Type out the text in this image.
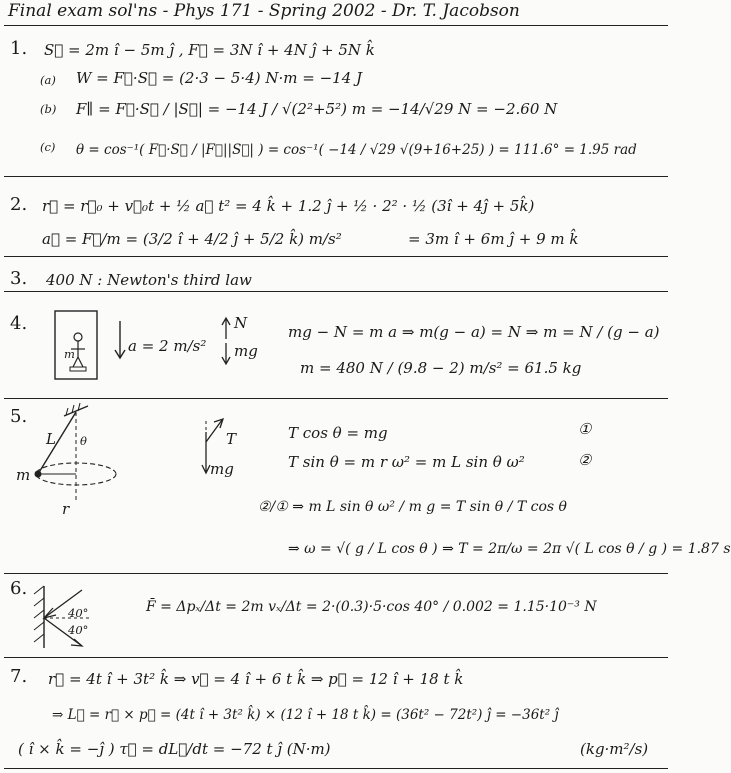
Final exam sol'ns - Phys 171 - Spring 2002 - Dr. T. Jacobson
1. S⃗ = 2m î − 5m ĵ , F⃗ = 3N î + 4N ĵ + 5N k̂
(a) W = F⃗·S⃗ = (2·3 − 5·4) N·m = −14 J
(b) F∥ = F⃗·S⃗ / |S⃗| = −14 J / √(2²+5²) m = −14/√29 N = −2.60 N
(c) θ = cos⁻¹( F⃗·S⃗ / |F⃗||S⃗| ) = cos⁻¹( −14 / √29 √(9+16+25) ) = 111.6° = 1.95 rad
2. r⃗ = r⃗₀ + v⃗₀t + ½ a⃗ t² = 4 k̂ + 1.2 ĵ + ½ · 2² · ½ (3î + 4ĵ + 5k̂)
a⃗ = F⃗/m = (3/2 î + 4/2 ĵ + 5/2 k̂) m/s²	= 3m î + 6m ĵ + 9 m k̂
3. 400 N : Newton's third law
4.
m	a = 2 m/s²
N
mg
mg − N = m a ⇒ m(g − a) = N ⇒ m = N / (g − a)
m = 480 N / (9.8 − 2) m/s² = 61.5 kg
5.
L θ
m
r
T
mg
T cos θ = mg	①
T sin θ = m r ω² = m L sin θ ω²	②
②/① ⇒ m L sin θ ω² / m g = T sin θ / T cos θ
⇒ ω = √( g / L cos θ ) ⇒ T = 2π/ω = 2π √( L cos θ / g ) = 1.87 s
6.
40°
40°
F̄ = Δpₓ/Δt = 2m vₓ/Δt = 2·(0.3)·5·cos 40° / 0.002 = 1.15·10⁻³ N
7. r⃗ = 4t î + 3t² k̂ ⇒ v⃗ = 4 î + 6 t k̂ ⇒ p⃗ = 12 î + 18 t k̂
⇒ L⃗ = r⃗ × p⃗ = (4t î + 3t² k̂) × (12 î + 18 t k̂) = (36t² − 72t²) ĵ = −36t² ĵ
( î × k̂ = −ĵ ) τ⃗ = dL⃗/dt = −72 t ĵ (N·m)	(kg·m²/s)
